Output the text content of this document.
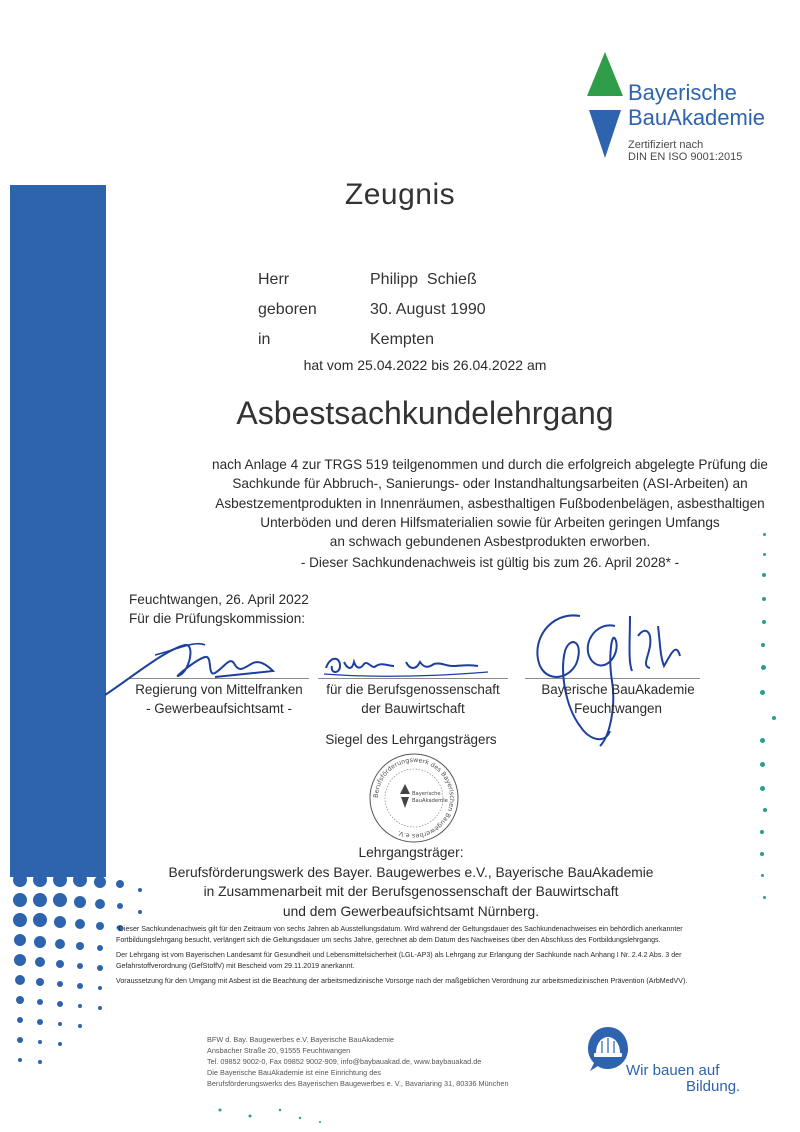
Bayerische
BauAkademie
Zertifiziert nach
DIN EN ISO 9001:2015
Zeugnis
Herr
geboren
in
Philipp  Schieß
30. August 1990
Kempten
hat vom 25.04.2022 bis 26.04.2022 am
Asbestsachkundelehrgang
nach Anlage 4 zur TRGS 519 teilgenommen und durch die erfolgreich abgelegte Prüfung die
Sachkunde für Abbruch-, Sanierungs- oder Instandhaltungsarbeiten (ASI-Arbeiten) an
Asbestzementprodukten in Innenräumen, asbesthaltigen Fußbodenbelägen, asbesthaltigen
Unterböden und deren Hilfsmaterialien sowie für Arbeiten geringen Umfangs
an schwach gebundenen Asbestprodukten erworben.
- Dieser Sachkundenachweis ist gültig bis zum 26. April 2028* -
Feuchtwangen, 26. April 2022
Für die Prüfungskommission:
Regierung von Mittelfranken
- Gewerbeaufsichtsamt -
für die Berufsgenossenschaft
der Bauwirtschaft
Bayerische BauAkademie
Feuchtwangen
Siegel des Lehrgangsträgers
Berufsförderungswerk des Bayerischen Baugewerbes e.V.
Bayerische
BauAkademie
Lehrgangsträger:
Berufsförderungswerk des Bayer. Baugewerbes e.V., Bayerische BauAkademie
in Zusammenarbeit mit der Berufsgenossenschaft der Bauwirtschaft
und dem Gewerbeaufsichtsamt Nürnberg.

*Dieser Sachkundenachweis gilt für den Zeitraum von sechs Jahren ab Ausstellungsdatum. Wird während der Geltungsdauer des Sachkundenachweises ein behördlich anerkannter Fortbildungslehrgang besucht, verlängert sich die Geltungsdauer um sechs Jahre, gerechnet ab dem Datum des Nachweises über den Abschluss des Fortbildungslehrgangs.

Der Lehrgang ist vom Bayerischen Landesamt für Gesundheit und Lebensmittelsicherheit (LGL-AP3) als Lehrgang zur Erlangung der Sachkunde nach Anhang I Nr. 2.4.2 Abs. 3 der Gefahrstoffverordnung (GefStoffV) mit Bescheid vom 29.11.2019 anerkannt.

Voraussetzung für den Umgang mit Asbest ist die Beachtung der arbeitsmedizinische Vorsorge nach der maßgeblichen Verordnung zur arbeitsmedizinischen Prävention (ArbMedVV).

BFW d. Bay. Baugewerbes e.V. Bayerische BauAkademie
Ansbacher Straße 20, 91555 Feuchtwangen
Tel. 09852 9002-0, Fax 09852 9002-909, info@baybauakad.de, www.baybauakad.de
Die Bayerische BauAkademie ist eine Einrichtung des
Berufsförderungswerks des Bayerischen Baugewerbes e. V., Bavariaring 31, 80336 München
Wir bauen auf
Bildung.
